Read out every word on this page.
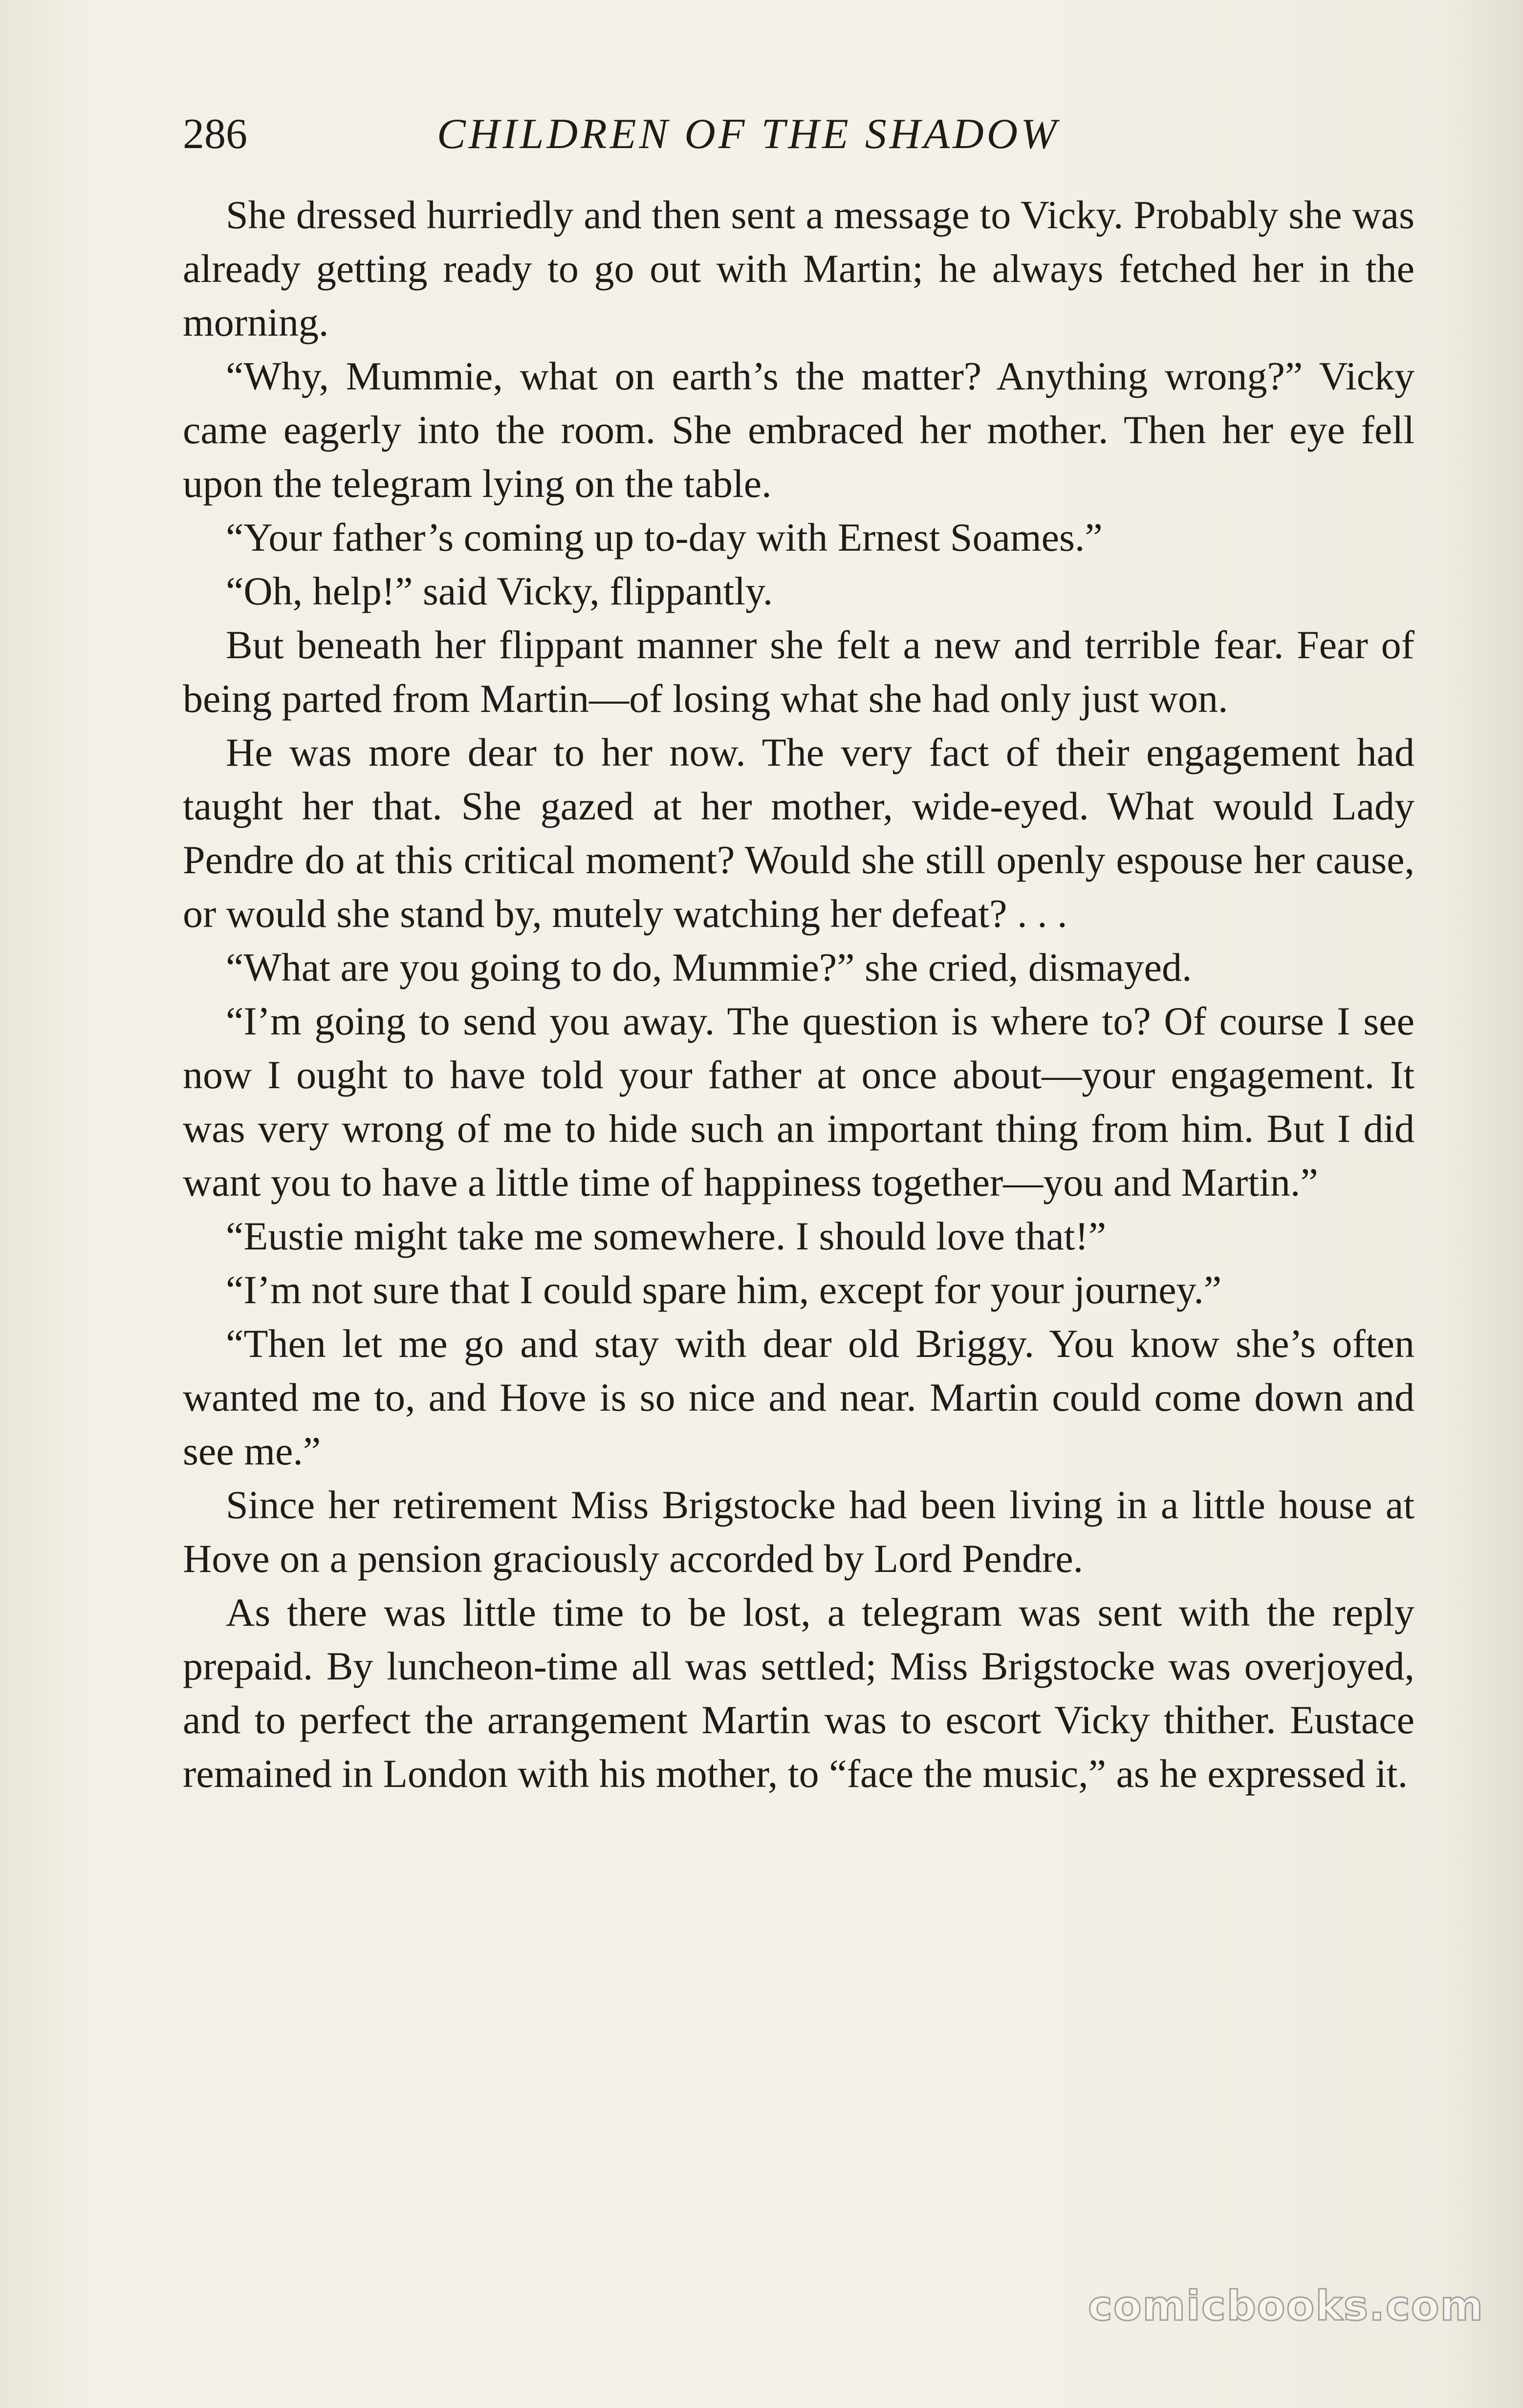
286	CHILDREN OF THE SHADOW

She dressed hurriedly and then sent a message to Vicky. Probably she was already getting ready to go out with Martin; he always fetched her in the morning.

“Why, Mummie, what on earth’s the matter? Anything wrong?” Vicky came eagerly into the room. She embraced her mother. Then her eye fell upon the telegram lying on the table.

“Your father’s coming up to-day with Ernest Soames.”

“Oh, help!” said Vicky, flippantly.

But beneath her flippant manner she felt a new and terrible fear. Fear of being parted from Martin—of losing what she had only just won.

He was more dear to her now. The very fact of their engagement had taught her that. She gazed at her mother, wide-eyed. What would Lady Pendre do at this critical moment? Would she still openly espouse her cause, or would she stand by, mutely watching her defeat? . . .

“What are you going to do, Mummie?” she cried, dismayed.

“I’m going to send you away. The question is where to? Of course I see now I ought to have told your father at once about—your engagement. It was very wrong of me to hide such an important thing from him. But I did want you to have a little time of happiness together—you and Martin.”

“Eustie might take me somewhere. I should love that!”

“I’m not sure that I could spare him, except for your journey.”

“Then let me go and stay with dear old Briggy. You know she’s often wanted me to, and Hove is so nice and near. Martin could come down and see me.”

Since her retirement Miss Brigstocke had been living in a little house at Hove on a pension graciously accorded by Lord Pendre.

As there was little time to be lost, a telegram was sent with the reply prepaid. By luncheon-time all was settled; Miss Brigstocke was overjoyed, and to perfect the arrangement Martin was to escort Vicky thither. Eustace remained in London with his mother, to “face the music,” as he expressed it.

comicbooks.com
